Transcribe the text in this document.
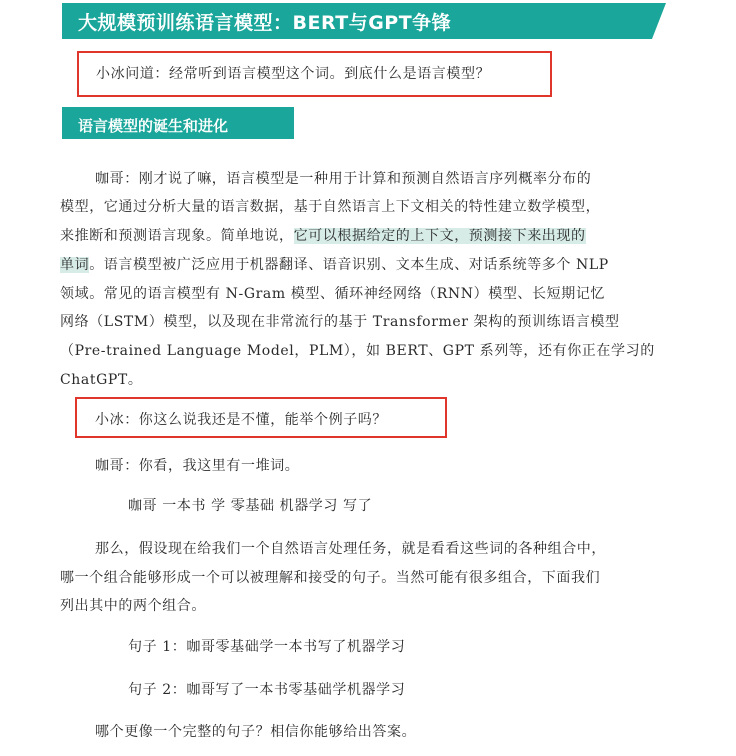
大规模预训练语言模型：BERT与GPT争锋
小冰问道：经常听到语言模型这个词。到底什么是语言模型？
语言模型的诞生和进化
咖哥：刚才说了嘛，语言模型是一种用于计算和预测自然语言序列概率分布的
模型，它通过分析大量的语言数据，基于自然语言上下文相关的特性建立数学模型，
来推断和预测语言现象。简单地说，它可以根据给定的上下文，预测接下来出现的
单词。语言模型被广泛应用于机器翻译、语音识别、文本生成、对话系统等多个 NLP
领域。常见的语言模型有 N-Gram 模型、循环神经网络（RNN）模型、长短期记忆
网络（LSTM）模型，以及现在非常流行的基于 Transformer 架构的预训练语言模型
（Pre-trained Language Model，PLM），如 BERT、GPT 系列等，还有你正在学习的
ChatGPT。
小冰：你这么说我还是不懂，能举个例子吗？
咖哥：你看，我这里有一堆词。
咖哥 一本书 学 零基础 机器学习 写了
那么，假设现在给我们一个自然语言处理任务，就是看看这些词的各种组合中，
哪一个组合能够形成一个可以被理解和接受的句子。当然可能有很多组合，下面我们
列出其中的两个组合。
句子 1：咖哥零基础学一本书写了机器学习
句子 2：咖哥写了一本书零基础学机器学习
哪个更像一个完整的句子？相信你能够给出答案。
